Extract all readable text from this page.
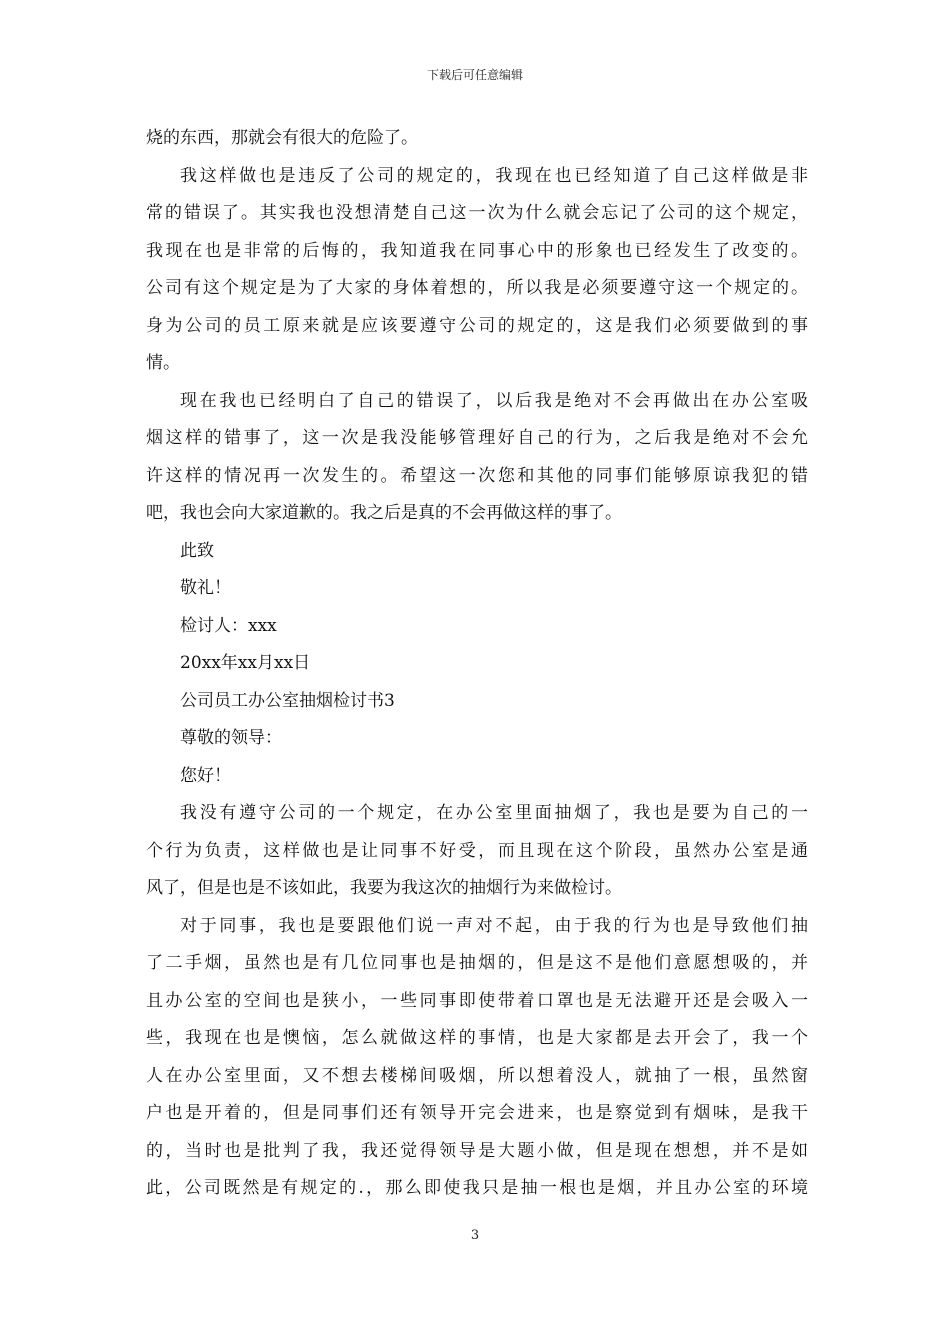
下载后可任意编辑
烧的东西，那就会有很大的危险了。
我这样做也是违反了公司的规定的，我现在也已经知道了自己这样做是非
常的错误了。其实我也没想清楚自己这一次为什么就会忘记了公司的这个规定，
我现在也是非常的后悔的，我知道我在同事心中的形象也已经发生了改变的。
公司有这个规定是为了大家的身体着想的，所以我是必须要遵守这一个规定的。
身为公司的员工原来就是应该要遵守公司的规定的，这是我们必须要做到的事
情。
现在我也已经明白了自己的错误了，以后我是绝对不会再做出在办公室吸
烟这样的错事了，这一次是我没能够管理好自己的行为，之后我是绝对不会允
许这样的情况再一次发生的。希望这一次您和其他的同事们能够原谅我犯的错
吧，我也会向大家道歉的。我之后是真的不会再做这样的事了。
此致
敬礼！
检讨人：xxx
20xx年xx月xx日
公司员工办公室抽烟检讨书3
尊敬的领导：
您好！
我没有遵守公司的一个规定，在办公室里面抽烟了，我也是要为自己的一
个行为负责，这样做也是让同事不好受，而且现在这个阶段，虽然办公室是通
风了，但是也是不该如此，我要为我这次的抽烟行为来做检讨。
对于同事，我也是要跟他们说一声对不起，由于我的行为也是导致他们抽
了二手烟，虽然也是有几位同事也是抽烟的，但是这不是他们意愿想吸的，并
且办公室的空间也是狭小，一些同事即使带着口罩也是无法避开还是会吸入一
些，我现在也是懊恼，怎么就做这样的事情，也是大家都是去开会了，我一个
人在办公室里面，又不想去楼梯间吸烟，所以想着没人，就抽了一根，虽然窗
户也是开着的，但是同事们还有领导开完会进来，也是察觉到有烟味，是我干
的，当时也是批判了我，我还觉得领导是大题小做，但是现在想想，并不是如
此，公司既然是有规定的.，那么即使我只是抽一根也是烟，并且办公室的环境
3
